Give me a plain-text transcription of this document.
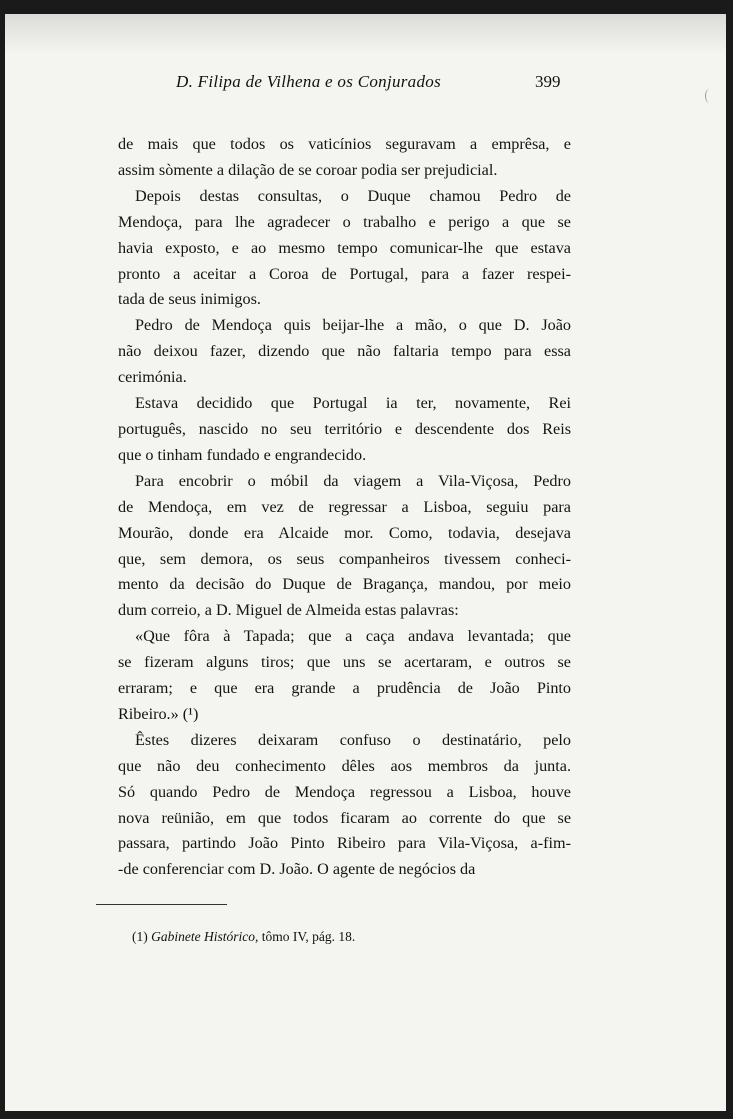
D. Filipa de Vilhena e os Conjurados	399

de mais que todos os vaticínios seguravam a emprêsa, e
assim sòmente a dilação de se coroar podia ser prejudicial.

Depois destas consultas, o Duque chamou Pedro de
Mendoça, para lhe agradecer o trabalho e perigo a que se
havia exposto, e ao mesmo tempo comunicar-lhe que estava
pronto a aceitar a Coroa de Portugal, para a fazer respei-
tada de seus inimigos.

Pedro de Mendoça quis beijar-lhe a mão, o que D. João
não deixou fazer, dizendo que não faltaria tempo para essa
cerimónia.

Estava decidido que Portugal ia ter, novamente, Rei
português, nascido no seu território e descendente dos Reis
que o tinham fundado e engrandecido.

Para encobrir o móbil da viagem a Vila-Viçosa, Pedro
de Mendoça, em vez de regressar a Lisboa, seguiu para
Mourão, donde era Alcaide mor. Como, todavia, desejava
que, sem demora, os seus companheiros tivessem conheci-
mento da decisão do Duque de Bragança, mandou, por meio
dum correio, a D. Miguel de Almeida estas palavras:

«Que fôra à Tapada; que a caça andava levantada; que
se fizeram alguns tiros; que uns se acertaram, e outros se
erraram; e que era grande a prudência de João Pinto
Ribeiro.» (¹)

Êstes dizeres deixaram confuso o destinatário, pelo
que não deu conhecimento dêles aos membros da junta.
Só quando Pedro de Mendoça regressou a Lisboa, houve
nova reünião, em que todos ficaram ao corrente do que se
passara, partindo João Pinto Ribeiro para Vila-Viçosa, a-fim-
-de conferenciar com D. João. O agente de negócios da

(1) Gabinete Histórico, tômo IV, pág. 18.
